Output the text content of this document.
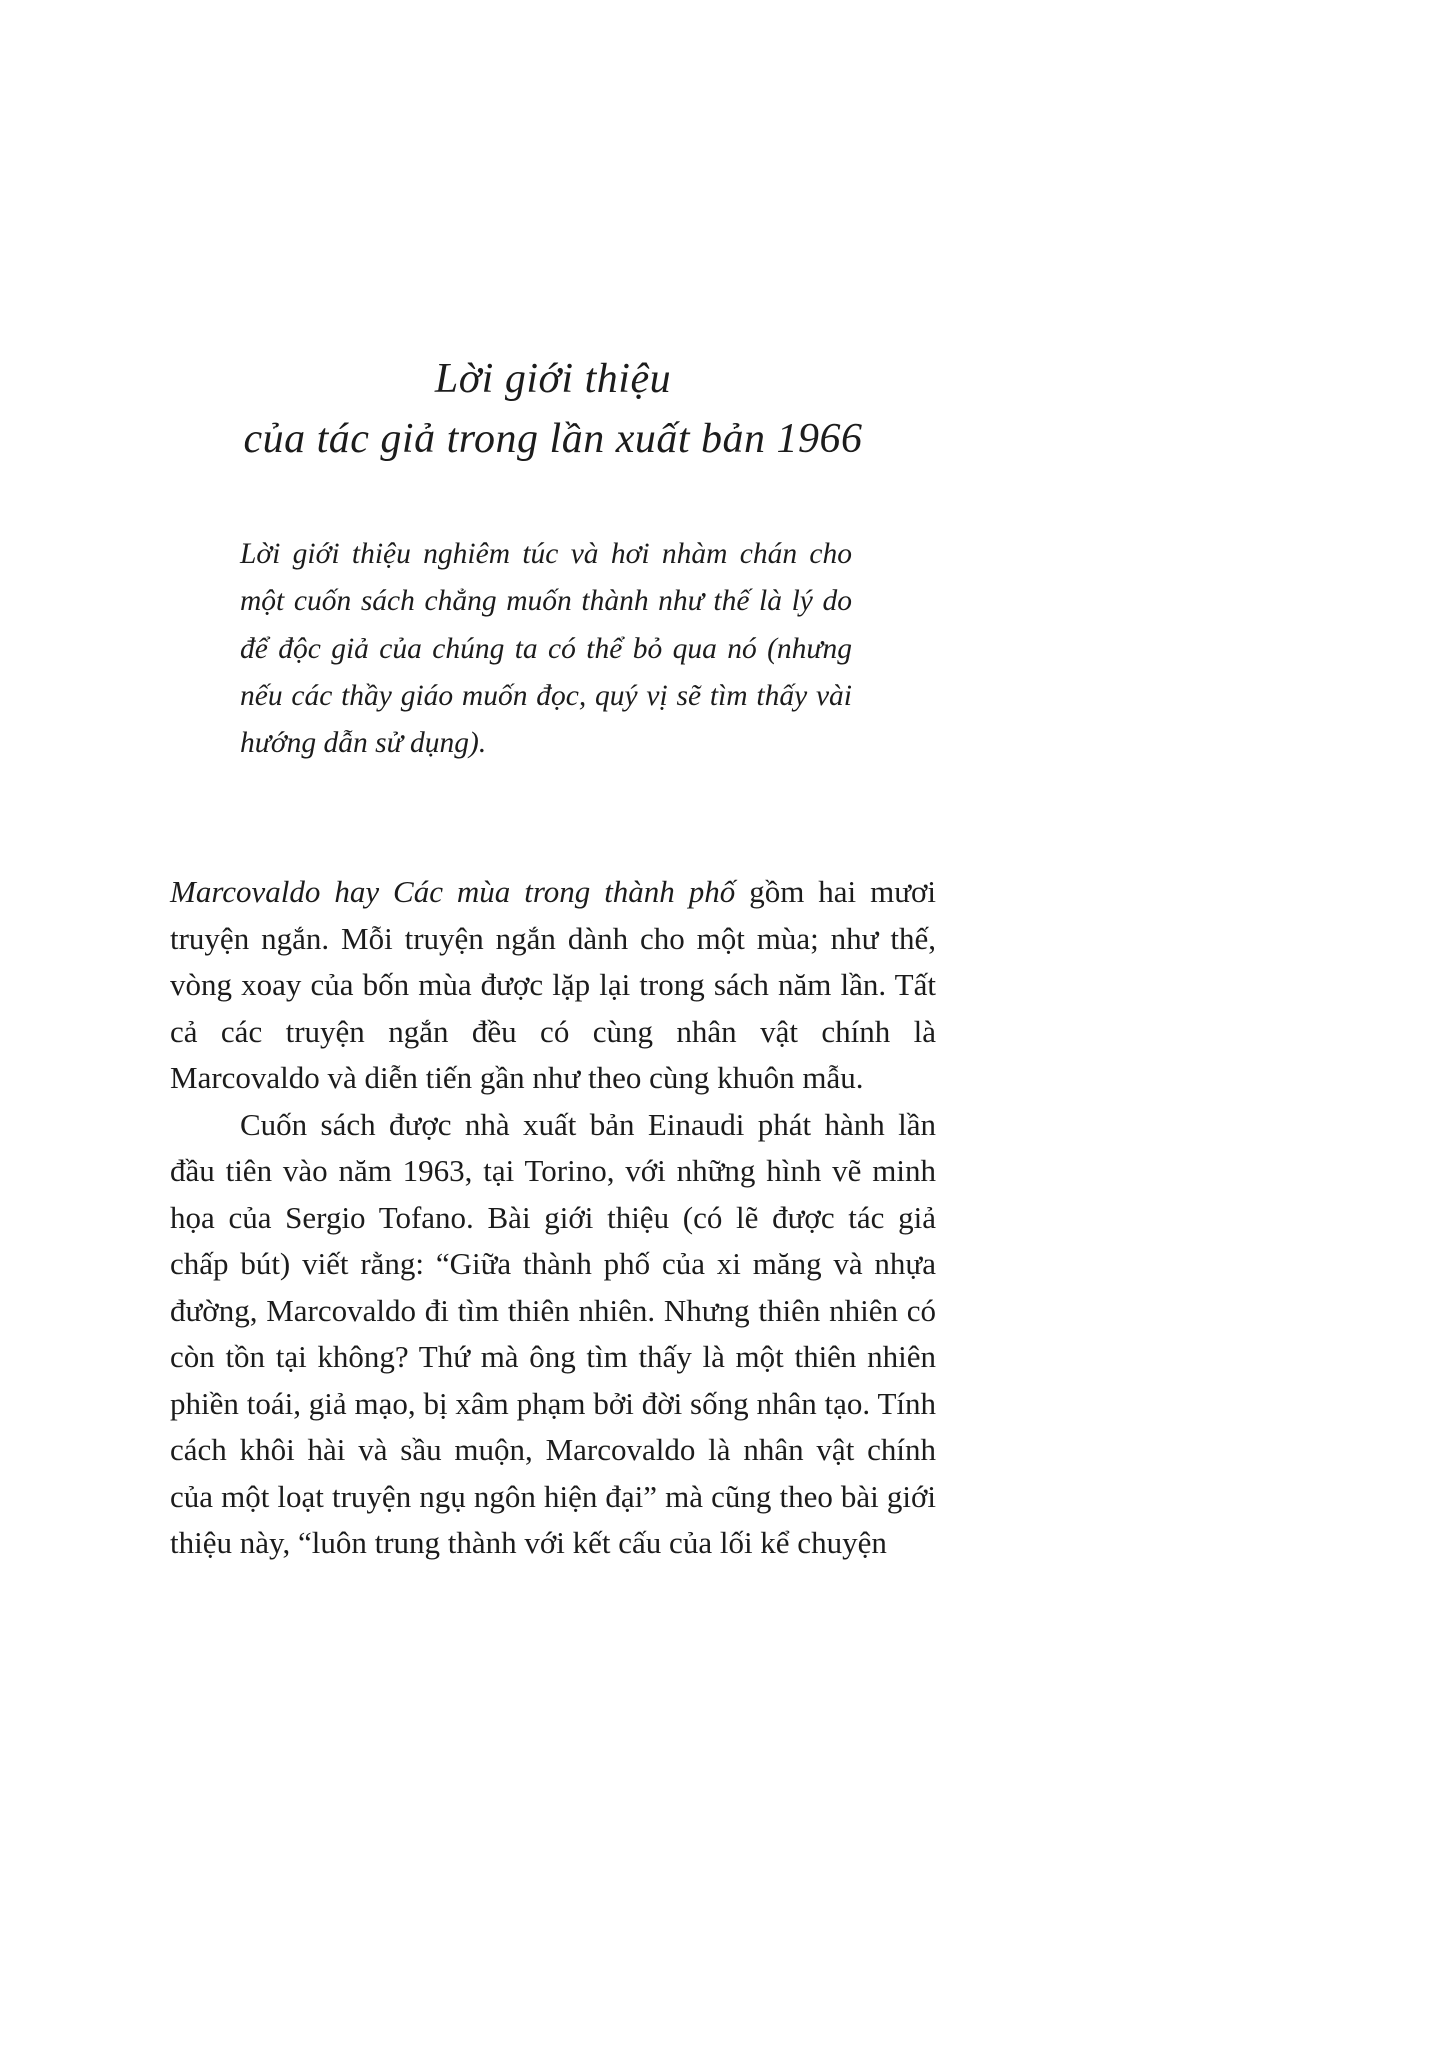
Lời giới thiệu
của tác giả trong lần xuất bản 1966

Lời giới thiệu nghiêm túc và hơi nhàm chán cho một cuốn sách chẳng muốn thành như thế là lý do để độc giả của chúng ta có thể bỏ qua nó (nhưng nếu các thầy giáo muốn đọc, quý vị sẽ tìm thấy vài hướng dẫn sử dụng).

Marcovaldo hay Các mùa trong thành phố gồm hai mươi truyện ngắn. Mỗi truyện ngắn dành cho một mùa; như thế, vòng xoay của bốn mùa được lặp lại trong sách năm lần. Tất cả các truyện ngắn đều có cùng nhân vật chính là Marcovaldo và diễn tiến gần như theo cùng khuôn mẫu.

Cuốn sách được nhà xuất bản Einaudi phát hành lần đầu tiên vào năm 1963, tại Torino, với những hình vẽ minh họa của Sergio Tofano. Bài giới thiệu (có lẽ được tác giả chấp bút) viết rằng: “Giữa thành phố của xi măng và nhựa đường, Marcovaldo đi tìm thiên nhiên. Nhưng thiên nhiên có còn tồn tại không? Thứ mà ông tìm thấy là một thiên nhiên phiền toái, giả mạo, bị xâm phạm bởi đời sống nhân tạo. Tính cách khôi hài và sầu muộn, Marcovaldo là nhân vật chính của một loạt truyện ngụ ngôn hiện đại” mà cũng theo bài giới thiệu này, “luôn trung thành với kết cấu của lối kể chuyện
